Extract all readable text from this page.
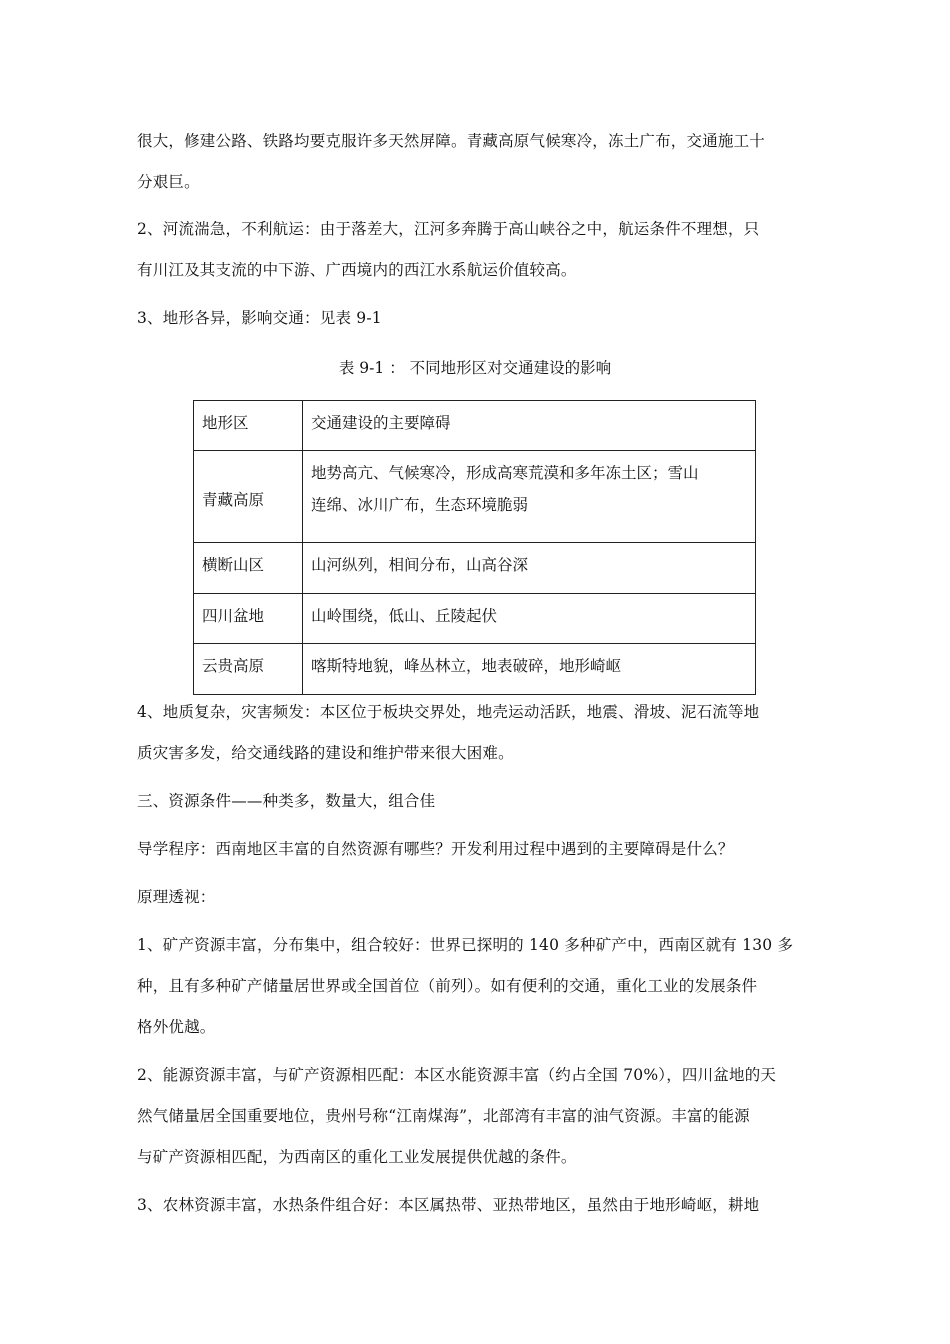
很大，修建公路、铁路均要克服许多天然屏障。青藏高原气候寒冷，冻土广布，交通施工十
分艰巨。
2、河流湍急，不利航运：由于落差大，江河多奔腾于高山峡谷之中，航运条件不理想，只
有川江及其支流的中下游、广西境内的西江水系航运价值较高。
3、地形各异，影响交通：见表 9-1
表 9-1 ： 不同地形区对交通建设的影响
地形区	交通建设的主要障碍
青藏高原	地势高亢、气候寒冷，形成高寒荒漠和多年冻土区；雪山
连绵、冰川广布，生态环境脆弱

横断山区	山河纵列，相间分布，山高谷深
四川盆地	山岭围绕，低山、丘陵起伏
云贵高原	喀斯特地貌，峰丛林立，地表破碎，地形崎岖
4、地质复杂，灾害频发：本区位于板块交界处，地壳运动活跃，地震、滑坡、泥石流等地
质灾害多发，给交通线路的建设和维护带来很大困难。
三、资源条件——种类多，数量大，组合佳
导学程序：西南地区丰富的自然资源有哪些？开发利用过程中遇到的主要障碍是什么？
原理透视：
1、矿产资源丰富，分布集中，组合较好：世界已探明的 140 多种矿产中，西南区就有 130 多
种，且有多种矿产储量居世界或全国首位（前列）。如有便利的交通，重化工业的发展条件
格外优越。
2、能源资源丰富，与矿产资源相匹配：本区水能资源丰富（约占全国 70%），四川盆地的天
然气储量居全国重要地位，贵州号称“江南煤海”，北部湾有丰富的油气资源。丰富的能源
与矿产资源相匹配，为西南区的重化工业发展提供优越的条件。
3、农林资源丰富，水热条件组合好：本区属热带、亚热带地区，虽然由于地形崎岖，耕地
